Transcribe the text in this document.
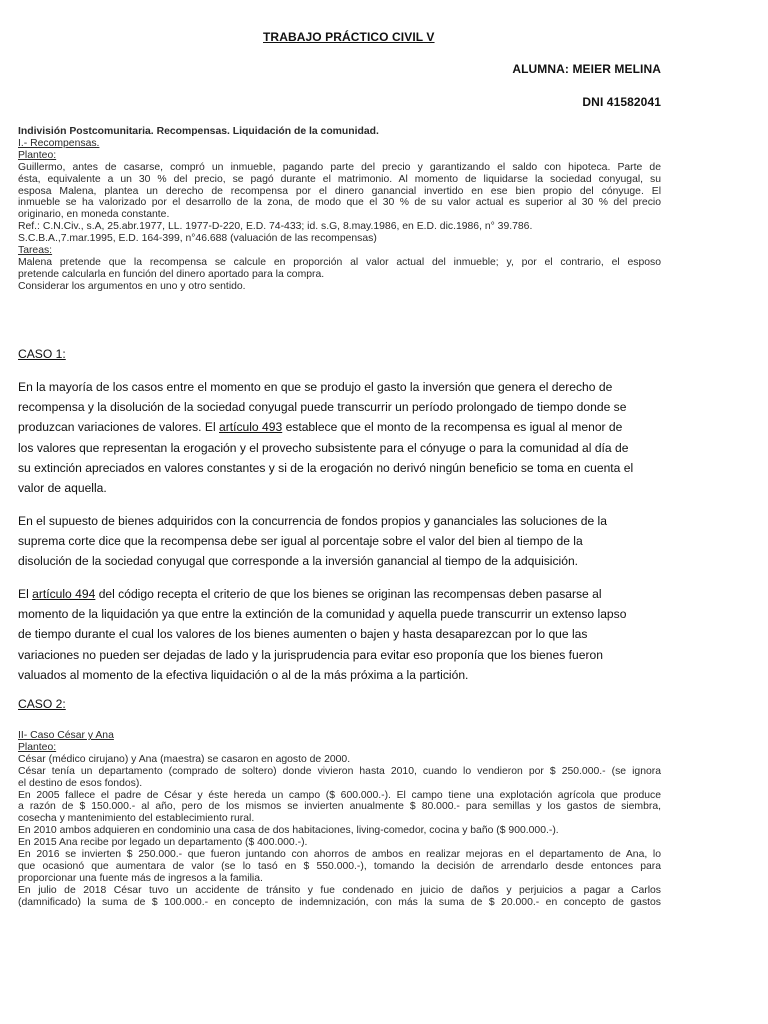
TRABAJO PRÁCTICO CIVIL V
ALUMNA: MEIER MELINA
DNI 41582041
Indivisión Postcomunitaria. Recompensas. Liquidación de la comunidad.
I.- Recompensas.
Planteo:
Guillermo, antes de casarse, compró un inmueble, pagando parte del precio y garantizando el saldo con hipoteca. Parte de
ésta, equivalente a un 30 % del precio, se pagó durante el matrimonio. Al momento de liquidarse la sociedad conyugal, su
esposa Malena, plantea un derecho de recompensa por el dinero ganancial invertido en ese bien propio del cónyuge. El
inmueble se ha valorizado por el desarrollo de la zona, de modo que el 30 % de su valor actual es superior al 30 % del precio
originario, en moneda constante.
Ref.: C.N.Civ., s.A, 25.abr.1977, LL. 1977-D-220, E.D. 74-433; id. s.G, 8.may.1986, en E.D. dic.1986, n° 39.786.
S.C.B.A.,7.mar.1995, E.D. 164-399, n°46.688 (valuación de las recompensas)
Tareas:
Malena pretende que la recompensa se calcule en proporción al valor actual del inmueble; y, por el contrario, el esposo
pretende calcularla en función del dinero aportado para la compra.
Considerar los argumentos en uno y otro sentido.
CASO 1:
En la mayoría de los casos entre el momento en que se produjo el gasto la inversión que genera el derecho de
recompensa y la disolución de la sociedad conyugal puede transcurrir un período prolongado de tiempo donde se
produzcan variaciones de valores. El artículo 493 establece que el monto de la recompensa es igual al menor de
los valores que representan la erogación y el provecho subsistente para el cónyuge o para la comunidad al día de
su extinción apreciados en valores constantes y si de la erogación no derivó ningún beneficio se toma en cuenta el
valor de aquella.
En el supuesto de bienes adquiridos con la concurrencia de fondos propios y gananciales las soluciones de la
suprema corte dice que la recompensa debe ser igual al porcentaje sobre el valor del bien al tiempo de la
disolución de la sociedad conyugal que corresponde a la inversión ganancial al tiempo de la adquisición.
El artículo 494 del código recepta el criterio de que los bienes se originan las recompensas deben pasarse al
momento de la liquidación ya que entre la extinción de la comunidad y aquella puede transcurrir un extenso lapso
de tiempo durante el cual los valores de los bienes aumenten o bajen y hasta desaparezcan por lo que las
variaciones no pueden ser dejadas de lado y la jurisprudencia para evitar eso proponía que los bienes fueron
valuados al momento de la efectiva liquidación o al de la más próxima a la partición.
CASO 2:
II- Caso César y Ana
Planteo:
César (médico cirujano) y Ana (maestra) se casaron en agosto de 2000.
César tenía un departamento (comprado de soltero) donde vivieron hasta 2010, cuando lo vendieron por $ 250.000.- (se ignora
el destino de esos fondos).
En 2005 fallece el padre de César y éste hereda un campo ($ 600.000.-). El campo tiene una explotación agrícola que produce
a razón de $ 150.000.- al año, pero de los mismos se invierten anualmente $ 80.000.- para semillas y los gastos de siembra,
cosecha y mantenimiento del establecimiento rural.
En 2010 ambos adquieren en condominio una casa de dos habitaciones, living-comedor, cocina y baño ($ 900.000.-).
En 2015 Ana recibe por legado un departamento ($ 400.000.-).
En 2016 se invierten $ 250.000.- que fueron juntando con ahorros de ambos en realizar mejoras en el departamento de Ana, lo
que ocasionó que aumentara de valor (se lo tasó en $ 550.000.-), tomando la decisión de arrendarlo desde entonces para
proporcionar una fuente más de ingresos a la familia.
En julio de 2018 César tuvo un accidente de tránsito y fue condenado en juicio de daños y perjuicios a pagar a Carlos
(damnificado) la suma de $ 100.000.- en concepto de indemnización, con más la suma de $ 20.000.- en concepto de gastos
